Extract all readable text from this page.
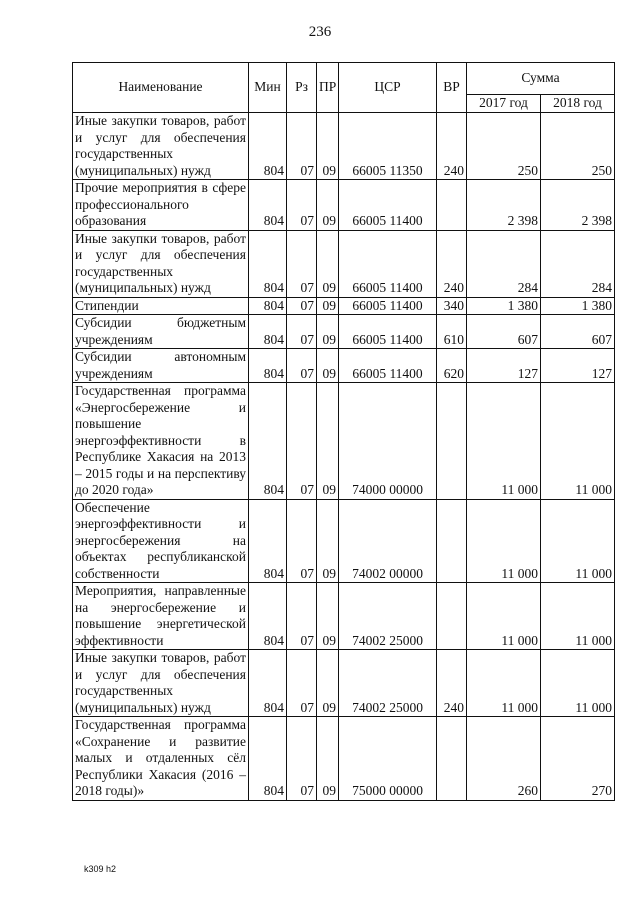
236
Наименование	Мин	Рз	ПР	ЦСР	ВР	Сумма	
						2017 год	2018 год
Иные закупки товаров, работ и услуг для обеспечения государственных (муниципальных) нужд	804	07	09	66005 11350	240	250	250
Прочие мероприятия в сфере профессионального образования	804	07	09	66005 11400		2 398	2 398
Иные закупки товаров, работ и услуг для обеспечения государственных (муниципальных) нужд	804	07	09	66005 11400	240	284	284
Стипендии	804	07	09	66005 11400	340	1 380	1 380
Субсидии бюджетным учреждениям	804	07	09	66005 11400	610	607	607
Субсидии автономным учреждениям	804	07	09	66005 11400	620	127	127
Государственная программа «Энергосбережение и повышение энергоэффективности в Республике Хакасия на 2013 – 2015 годы и на перспективу до 2020 года»	804	07	09	74000 00000		11 000	11 000
Обеспечение энергоэффективности и энергосбережения на объектах республиканской собственности	804	07	09	74002 00000		11 000	11 000
Мероприятия, направленные на энергосбережение и повышение энергетической эффективности	804	07	09	74002 25000		11 000	11 000
Иные закупки товаров, работ и услуг для обеспечения государственных (муниципальных) нужд	804	07	09	74002 25000	240	11 000	11 000
Государственная программа «Сохранение и развитие малых и отдаленных сёл Республики Хакасия (2016 – 2018 годы)»	804	07	09	75000 00000		260	270
k309 h2
